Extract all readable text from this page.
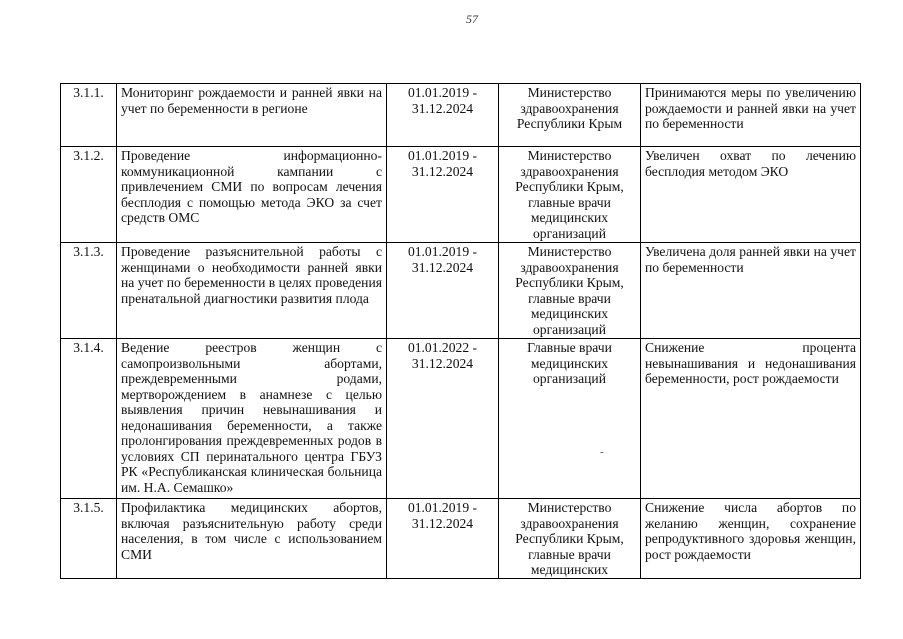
57
3.1.1.	Мониторинг рождаемости и ранней явки на учет по беременности в регионе	01.01.2019 - 31.12.2024	Министерство здравоохранения Республики Крым	Принимаются меры по увеличению рождаемости и ранней явки на учет по беременности
3.1.2.	Проведение информационно-коммуникационной кампании с привлечением СМИ по вопросам лечения бесплодия с помощью метода ЭКО за счет средств ОМС	01.01.2019 - 31.12.2024	Министерство здравоохранения Республики Крым, главные врачи медицинских организаций	Увеличен охват по лечению бесплодия методом ЭКО
3.1.3.	Проведение разъяснительной работы с женщинами о необходимости ранней явки на учет по беременности в целях проведения пренатальной диагностики развития плода	01.01.2019 - 31.12.2024	Министерство здравоохранения Республики Крым, главные врачи медицинских организаций	Увеличена доля ранней явки на учет по беременности
3.1.4.	Ведение реестров женщин с самопроизвольными абортами, преждевременными родами, мертворождением в анамнезе с целью выявления причин невынашивания и недонашивания беременности, а также пролонгирования преждевременных родов в условиях СП перинатального центра ГБУЗ РК «Республиканская клиническая больница им. Н.А. Семашко»	01.01.2022 - 31.12.2024	Главные врачи медицинских организаций	Снижение процента невынашивания и недонашивания беременности, рост рождаемости
3.1.5.	Профилактика медицинских абортов, включая разъяснительную работу среди населения, в том числе с использованием СМИ	01.01.2019 - 31.12.2024	Министерство здравоохранения Республики Крым, главные врачи медицинских	Снижение числа абортов по желанию женщин, сохранение репродуктивного здоровья женщин, рост рождаемости
-
